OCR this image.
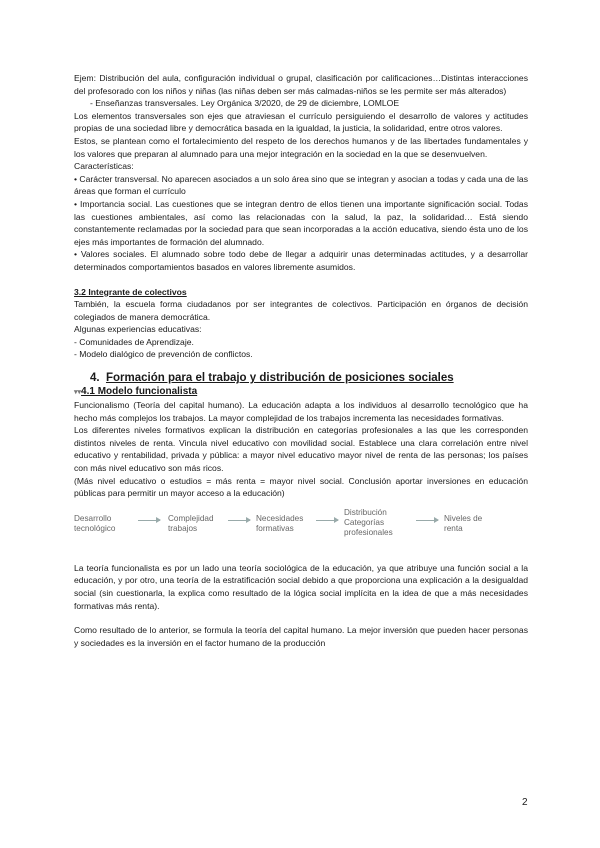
Ejem: Distribución del aula, configuración individual o grupal, clasificación por calificaciones…Distintas interacciones del profesorado con los niños y niñas (las niñas deben ser más calmadas-niños se les permite ser más alterados)

- Enseñanzas transversales. Ley Orgánica 3/2020, de 29 de diciembre, LOMLOE

Los elementos transversales son ejes que atraviesan el currículo persiguiendo el desarrollo de valores y actitudes propias de una sociedad libre y democrática basada en la igualdad, la justicia, la solidaridad, entre otros valores.

Estos, se plantean como el fortalecimiento del respeto de los derechos humanos y de las libertades fundamentales y los valores que preparan al alumnado para una mejor integración en la sociedad en la que se desenvuelven.

Características:

• Carácter transversal. No aparecen asociados a un solo área sino que se integran y asocian a todas y cada una de las áreas que forman el currículo

• Importancia social. Las cuestiones que se integran dentro de ellos tienen una importante significación social. Todas las cuestiones ambientales, así como las relacionadas con la salud, la paz, la solidaridad… Está siendo constantemente reclamadas por la sociedad para que sean incorporadas a la acción educativa, siendo ésta uno de los ejes más importantes de formación del alumnado.

• Valores sociales. El alumnado sobre todo debe de llegar a adquirir unas determinadas actitudes, y a desarrollar determinados comportamientos basados en valores libremente asumidos.

3.2 Integrante de colectivos

También, la escuela forma ciudadanos por ser integrantes de colectivos. Participación en órganos de decisión colegiados de manera democrática.

Algunas experiencias educativas:

- Comunidades de Aprendizaje.

- Modelo dialógico de prevención de conflictos.

4. Formación para el trabajo y distribución de posiciones sociales

▾▾4.1 Modelo funcionalista

Funcionalismo (Teoría del capital humano). La educación adapta a los individuos al desarrollo tecnológico que ha hecho más complejos los trabajos. La mayor complejidad de los trabajos incrementa las necesidades formativas.

Los diferentes niveles formativos explican la distribución en categorías profesionales a las que les corresponden distintos niveles de renta. Vincula nivel educativo con movilidad social. Establece una clara correlación entre nivel educativo y rentabilidad, privada y pública: a mayor nivel educativo mayor nivel de renta de las personas; los países con más nivel educativo son más ricos.

(Más nivel educativo o estudios = más renta = mayor nivel social. Conclusión aportar inversiones en educación públicas para permitir un mayor acceso a la educación)

Desarrollo tecnológico
Complejidad trabajos
Necesidades formativas
Distribución Categorías profesionales
Niveles de renta

La teoría funcionalista es por un lado una teoría sociológica de la educación, ya que atribuye una función social a la educación, y por otro, una teoría de la estratificación social debido a que proporciona una explicación a la desigualdad social (sin cuestionarla, la explica como resultado de la lógica social implícita en la idea de que a más necesidades formativas más renta).

Como resultado de lo anterior, se formula la teoría del capital humano. La mejor inversión que pueden hacer personas y sociedades es la inversión en el factor humano de la producción

2
